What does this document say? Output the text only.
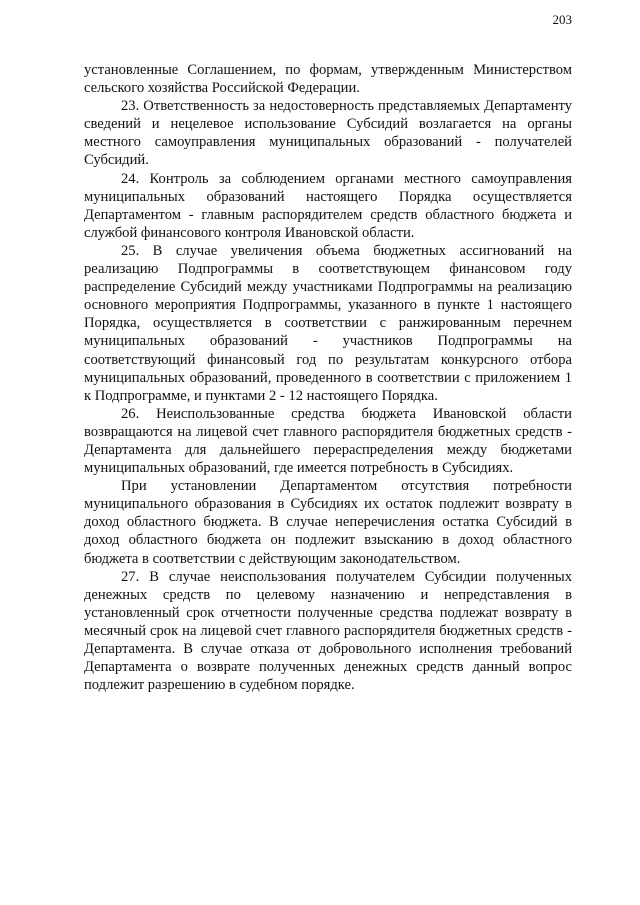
203

установленные Соглашением, по формам, утвержденным Министерством сельского хозяйства Российской Федерации.

23. Ответственность за недостоверность представляемых Департаменту сведений и нецелевое использование Субсидий возлагается на органы местного самоуправления муниципальных образований - получателей Субсидий.

24. Контроль за соблюдением органами местного самоуправления муниципальных образований настоящего Порядка осуществляется Департаментом - главным распорядителем средств областного бюджета и службой финансового контроля Ивановской области.

25. В случае увеличения объема бюджетных ассигнований на реализацию Подпрограммы в соответствующем финансовом году распределение Субсидий между участниками Подпрограммы на реализацию основного мероприятия Подпрограммы, указанного в пункте 1 настоящего Порядка, осуществляется в соответствии с ранжированным перечнем муниципальных образований - участников Подпрограммы на соответствующий финансовый год по результатам конкурсного отбора муниципальных образований, проведенного в соответствии с приложением 1 к Подпрограмме, и пунктами 2 - 12 настоящего Порядка.

26. Неиспользованные средства бюджета Ивановской области возвращаются на лицевой счет главного распорядителя бюджетных средств - Департамента для дальнейшего перераспределения между бюджетами муниципальных образований, где имеется потребность в Субсидиях.

При установлении Департаментом отсутствия потребности муниципального образования в Субсидиях их остаток подлежит возврату в доход областного бюджета. В случае неперечисления остатка Субсидий в доход областного бюджета он подлежит взысканию в доход областного бюджета в соответствии с действующим законодательством.

27. В случае неиспользования получателем Субсидии полученных денежных средств по целевому назначению и непредставления в установленный срок отчетности полученные средства подлежат возврату в месячный срок на лицевой счет главного распорядителя бюджетных средств - Департамента. В случае отказа от добровольного исполнения требований Департамента о возврате полученных денежных средств данный вопрос подлежит разрешению в судебном порядке.
